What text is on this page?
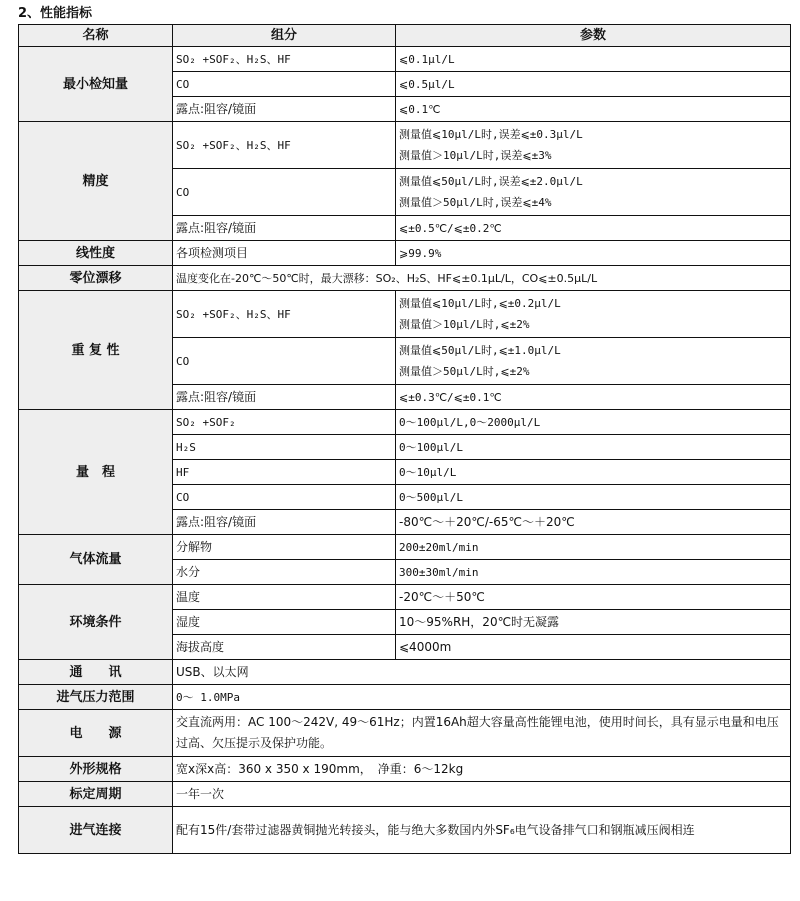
2、性能指标
名称	组分	参数
最小检知量	SO₂ +SOF₂、H₂S、HF	⩽0.1μl/L
	CO	⩽0.5μl/L
	露点:阻容/镜面	⩽0.1℃
精度	SO₂ +SOF₂、H₂S、HF	测量值⩽10μl/L时,误差⩽±0.3μl/L
测量值＞10μl/L时,误差⩽±3%

	CO	测量值⩽50μl/L时,误差⩽±2.0μl/L
测量值＞50μl/L时,误差⩽±4%

	露点:阻容/镜面	⩽±0.5℃/⩽±0.2℃
线性度	各项检测项目	⩾99.9%
零位漂移	温度变化在-20℃～50℃时，最大漂移：SO₂、H₂S、HF⩽±0.1μL/L，CO⩽±0.5μL/L	
重 复 性	SO₂ +SOF₂、H₂S、HF	测量值⩽10μl/L时,⩽±0.2μl/L
测量值＞10μl/L时,⩽±2%

	CO	测量值⩽50μl/L时,⩽±1.0μl/L
测量值＞50μl/L时,⩽±2%

	露点:阻容/镜面	⩽±0.3℃/⩽±0.1℃
量　程	SO₂ +SOF₂	0～100μl/L,0～2000μl/L
	H₂S	0～100μl/L
	HF	0～10μl/L
	CO	0～500μl/L
	露点:阻容/镜面	-80℃～＋20℃/-65℃～＋20℃
气体流量	分解物	200±20ml/min
	水分	300±30ml/min
环境条件	温度	-20℃～＋50℃
	湿度	10～95%RH，20℃时无凝露
	海拔高度	⩽4000m
通　　讯	USB、以太网	
进气压力范围	0～ 1.0MPa	
电　　源	交直流两用：AC 100～242V, 49～61Hz；内置16Ah超大容量高性能锂电池，使用时间长，具有显示电量和电压过高、欠压提示及保护功能。	
外形规格	宽x深x高：360 x 350 x 190mm，　净重：6～12kg	
标定周期	一年一次	
进气连接	配有15件/套带过滤器黄铜抛光转接头，能与绝大多数国内外SF₆电气设备排气口和钢瓶减压阀相连	
